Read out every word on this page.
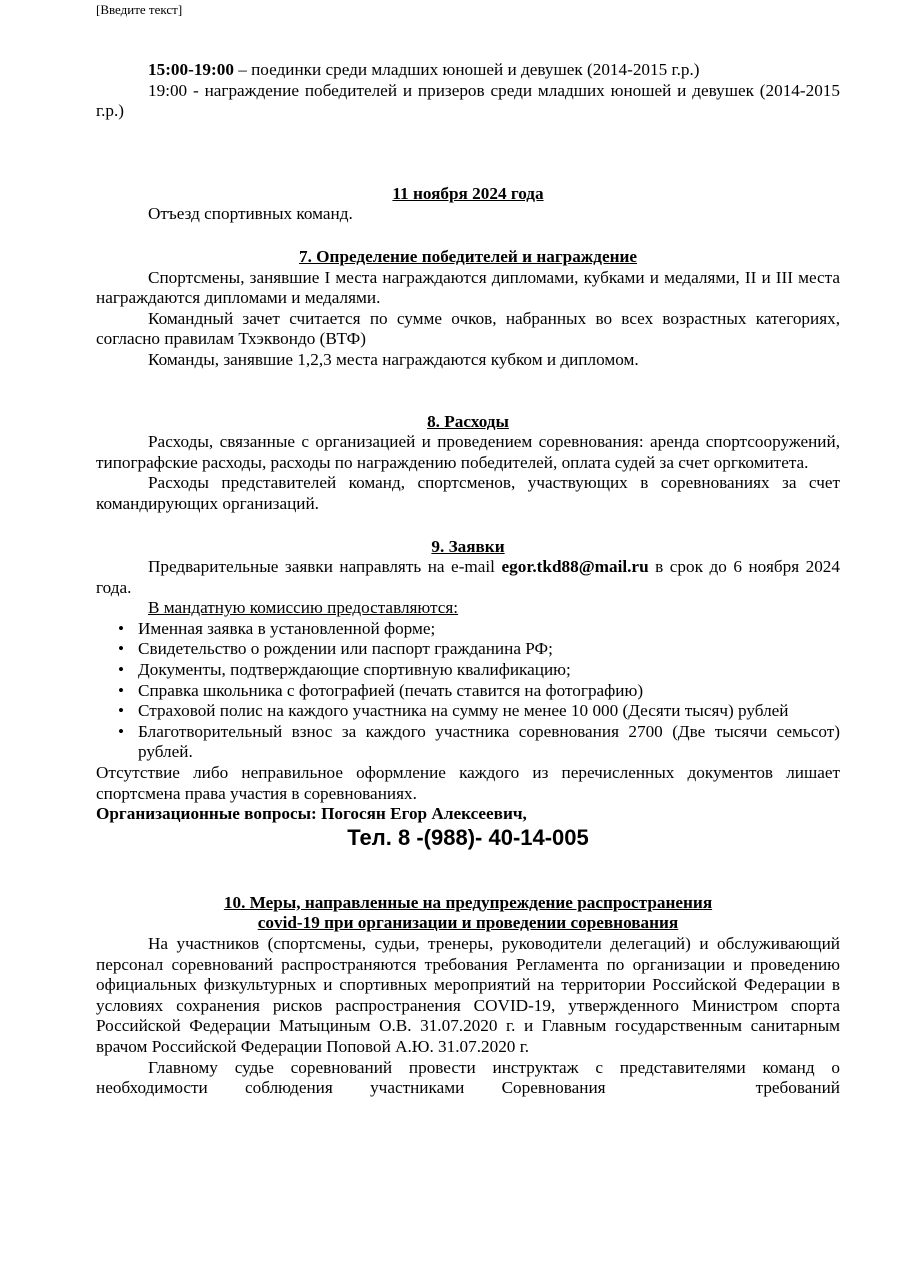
[Введите текст]

15:00-19:00 – поединки среди младших юношей и девушек (2014-2015 г.р.)

19:00 - награждение победителей и призеров среди младших юношей и девушек (2014-2015 г.р.)

11 ноября 2024 года

Отъезд спортивных команд.

7. Определение победителей и награждение

Спортсмены, занявшие I места награждаются дипломами, кубками и медалями, II и III места награждаются дипломами и медалями.

Командный зачет считается по сумме очков, набранных во всех возрастных категориях, согласно правилам Тхэквондо (ВТФ)

Команды, занявшие 1,2,3 места награждаются кубком и дипломом.

8. Расходы

Расходы, связанные с организацией и проведением соревнования: аренда спортсооружений, типографские расходы, расходы по награждению победителей, оплата судей за счет оргкомитета.

Расходы представителей команд, спортсменов, участвующих в соревнованиях за счет командирующих организаций.

9. Заявки

Предварительные заявки направлять на e-mail egor.tkd88@mail.ru в срок до 6 ноября 2024 года.

В мандатную комиссию предоставляются:

• Именная заявка в установленной форме;
• Свидетельство о рождении или паспорт гражданина РФ;
• Документы, подтверждающие спортивную квалификацию;
• Справка школьника с фотографией (печать ставится на фотографию)
• Страховой полис на каждого участника на сумму не менее 10 000 (Десяти тысяч) рублей
• Благотворительный взнос за каждого участника соревнования 2700 (Две тысячи семьсот) рублей.

Отсутствие либо неправильное оформление каждого из перечисленных документов лишает спортсмена права участия в соревнованиях.

Организационные вопросы: Погосян Егор Алексеевич,

Тел. 8 -(988)- 40-14-005

10. Меры, направленные на предупреждение распространения

covid-19 при организации и проведении соревнования

На участников (спортсмены, судьи, тренеры, руководители делегаций) и обслуживающий персонал соревнований распространяются требования Регламента по организации и проведению официальных физкультурных и спортивных мероприятий на территории Российской Федерации в условиях сохранения рисков распространения COVID-19, утвержденного Министром спорта Российской Федерации Матыциным О.В. 31.07.2020 г. и Главным государственным санитарным врачом Российской Федерации Поповой А.Ю. 31.07.2020 г.

Главному судье соревнований провести инструктаж с представителями команд о необходимости соблюдения участниками Соревнования	требований
